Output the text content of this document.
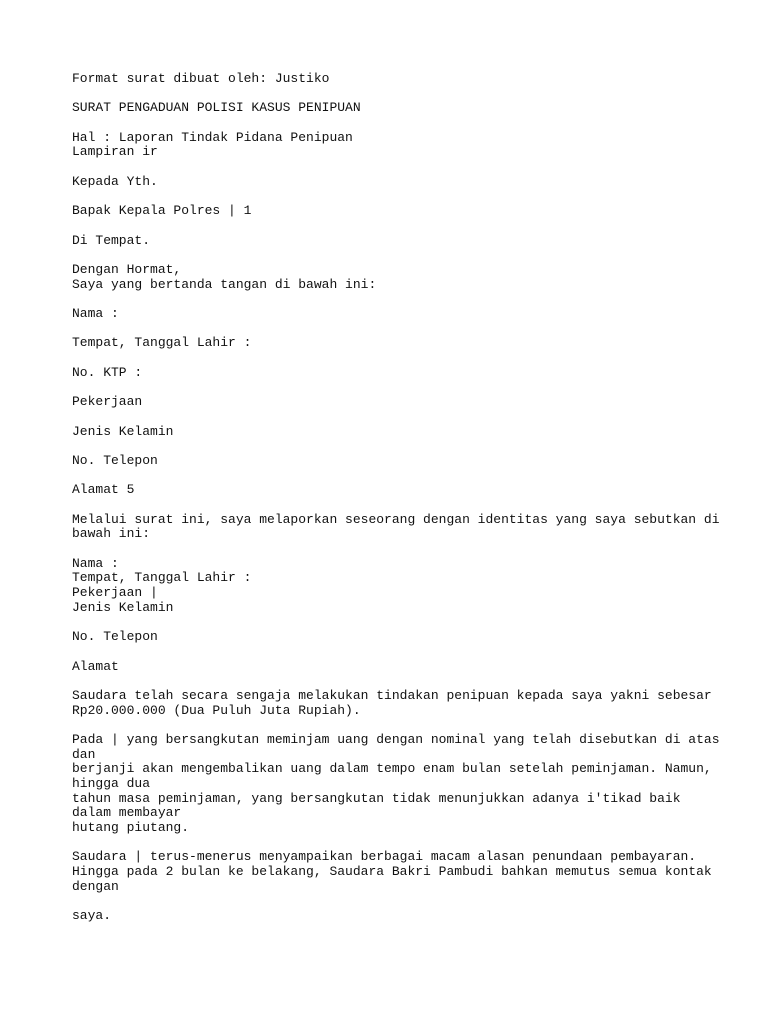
Format surat dibuat oleh: Justiko
SURAT PENGADUAN POLISI KASUS PENIPUAN
Hal : Laporan Tindak Pidana Penipuan
Lampiran ir
Kepada Yth.
Bapak Kepala Polres | 1
Di Tempat.
Dengan Hormat,
Saya yang bertanda tangan di bawah ini:
Nama :
Tempat, Tanggal Lahir :
No. KTP :
Pekerjaan
Jenis Kelamin
No. Telepon
Alamat 5
Melalui surat ini, saya melaporkan seseorang dengan identitas yang saya sebutkan di
bawah ini:
Nama :
Tempat, Tanggal Lahir :
Pekerjaan |
Jenis Kelamin
No. Telepon
Alamat
Saudara telah secara sengaja melakukan tindakan penipuan kepada saya yakni sebesar
Rp20.000.000 (Dua Puluh Juta Rupiah).
Pada | yang bersangkutan meminjam uang dengan nominal yang telah disebutkan di atas
dan
berjanji akan mengembalikan uang dalam tempo enam bulan setelah peminjaman. Namun,
hingga dua
tahun masa peminjaman, yang bersangkutan tidak menunjukkan adanya i'tikad baik
dalam membayar
hutang piutang.
Saudara | terus-menerus menyampaikan berbagai macam alasan penundaan pembayaran.
Hingga pada 2 bulan ke belakang, Saudara Bakri Pambudi bahkan memutus semua kontak
dengan
saya.
